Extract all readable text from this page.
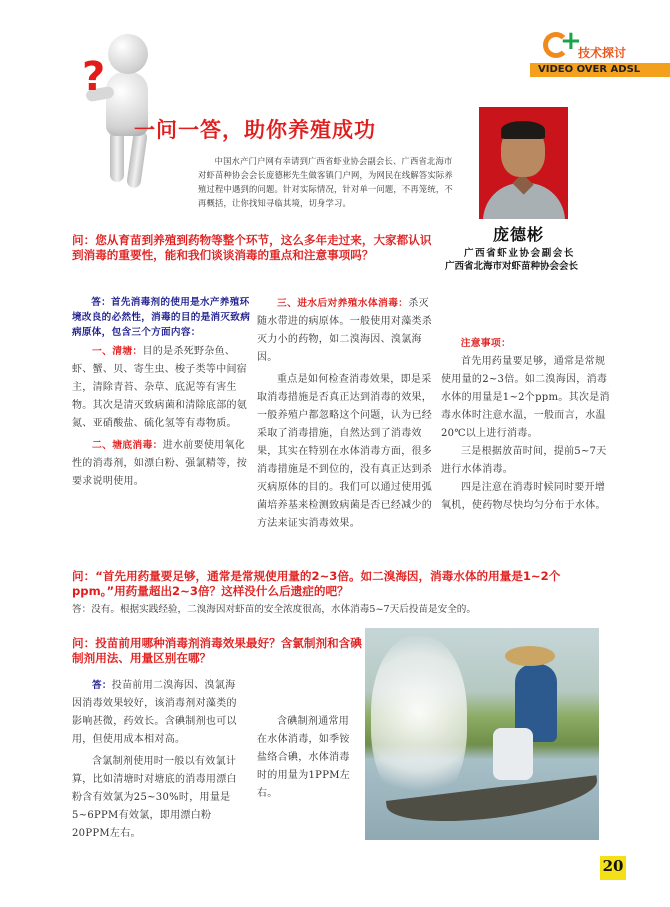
+
技术探讨
VIDEO OVER ADSL
?
一问一答，助你养殖成功
中国水产门户网有幸请到广西省虾业协会副会长、广西省北海市对虾苗种协会会长庞德彬先生做客镇门户网，为网民在线解答实际养殖过程中遇到的问题。针对实际情况，针对单一问题，不再笼统，不再概括，让你找知寻临其境，切身学习。
庞德彬
广西省虾业协会副会长
广西省北海市对虾苗种协会会长
问：您从育苗到养殖到药物等整个环节，这么多年走过来，大家都认识到消毒的重要性，能和我们谈谈消毒的重点和注意事项吗？
答：首先消毒剂的使用是水产养殖环境改良的必然性，消毒的目的是消灭致病病原体，包含三个方面内容：
一、清塘：目的是杀死野杂鱼、虾、蟹、贝、寄生虫、梭子类等中间宿主，清除青苔、杂草、底泥等有害生物。其次是清灭致病菌和清除底部的氨氮、亚硝酸盐、硫化氢等有毒物质。
二、塘底消毒：进水前要使用氧化性的消毒剂，如漂白粉、强氯精等，按要求说明使用。
三、进水后对养殖水体消毒：杀灭随水带进的病原体。一般使用对藻类杀灭力小的药物，如二溴海因、溴氯海因。
重点是如何检查消毒效果，即是采取消毒措施是否真正达到消毒的效果，一般养殖户都忽略这个问题，认为已经采取了消毒措施，自然达到了消毒效果，其实在特别在水体消毒方面，很多消毒措施是不到位的，没有真正达到杀灭病原体的目的。我们可以通过使用弧菌培养基来检测致病菌是否已经减少的方法来证实消毒效果。
注意事项：
首先用药量要足够，通常是常规使用量的2~3倍。如二溴海因，消毒水体的用量是1~2个ppm。其次是消毒水体时注意水温，一般而言，水温20℃以上进行消毒。
三是根据放苗时间，提前5~7天进行水体消毒。
四是注意在消毒时候同时要开增氧机，使药物尽快均匀分布于水体。
问：“首先用药量要足够，通常是常规使用量的2~3倍。如二溴海因，消毒水体的用量是1~2个ppm。”用药量超出2~3倍？这样没什么后遗症的吧？
答：没有。根据实践经验，二溴海因对虾苗的安全浓度很高，水体消毒5~7天后投苗是安全的。
问：投苗前用哪种消毒剂消毒效果最好？含氯制剂和含碘制剂用法、用量区别在哪？
答：投苗前用二溴海因、溴氯海因消毒效果较好，该消毒剂对藻类的影响甚微，药效长。含碘制剂也可以用，但使用成本相对高。
含氯制剂使用时一般以有效氯计算，比如清塘时对塘底的消毒用漂白粉含有效氯为25~30%时，用量是5~6PPM有效氯，即用漂白粉20PPM左右。
含碘制剂通常用在水体消毒，如季铵盐络合碘，水体消毒时的用量为1PPM左右。
20
